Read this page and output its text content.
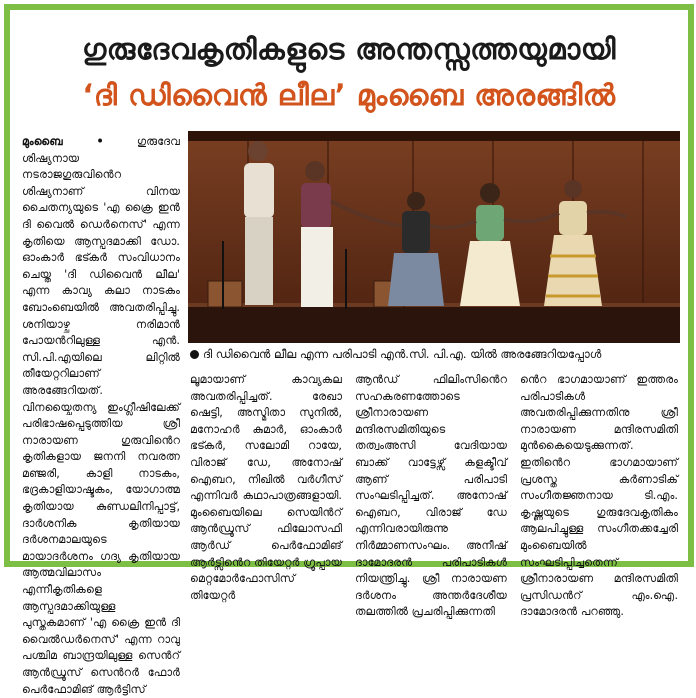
ഗുരുദേവകൃതികളുടെ അന്തസ്സത്തയുമായി
‘ദി ഡിവൈൻ ലീല’ മുംബൈ അരങ്ങിൽ
മുംബൈ •	ഗുരുദേവ ശിഷ്യനായ നടരാജഗുരുവിൻെറ ശിഷ്യനാണ് വിനയ ചൈതന്യയുടെ 'എ ക്രൈ ഇൻ ദി വൈൽ ഡെർനെസ്' എന്ന കൃതിയെ ആസ്പദമാക്കി ഡോ. ഓംകാർ ഭട്കർ സംവിധാനം ചെയ്ത 'ദി ഡിവൈൻ ലീല' എന്ന കാവ്യ കലാ നാടകം ബോംബെയിൽ അവതരിപ്പിച്ചു. ശനിയാഴ്ച നരിമാൻ പോയൻറിലുള്ള എൻ. സി.പി.എയിലെ ലിറ്റിൽ തീയേറ്ററിലാണ് അരങ്ങേറിയത്. വിനയ്ചൈതന്യ ഇംഗ്ലീഷിലേക്ക് പരിഭാഷപ്പെടുത്തിയ ശ്രീ നാരായണ ഗുരുവിൻെറ കൃതികളായ ജനനി നവരത്ന മഞ്ജരി, കാളി നാടകം, ഭദ്രകാളിയാഷ്ടകം, യോഗാത്മ കൃതിയായ കുണ്ഡലിനിപ്പാട്ട്, ദാർശനിക കൃതിയായ ദർശനമാലയുടെ മായാദർശനം ഗദ്യ കൃതിയായ ആത്മവിലാസം എന്നീകൃതികളെ ആസ്പദമാക്കിയുള്ള പുസ്തകമാണ് 'എ ക്രൈ ഇൻ ദി വൈൽഡർനെസ്' എന്ന റാവു പശ്ചിമ ബാന്ദ്രയിലുള്ള സെൻറ് ആൻഡ്രൂസ് സെൻറർ ഫോർ പെർഫോമിങ് ആർട്ടിസ്
ദി ഡിവൈൻ ലീല എന്ന പരിപാടി എൻ.സി. പി.എ. യിൽ അരങ്ങേറിയപ്പോൾ
ലൂമായാണ് കാവ്യകല അവതരിപ്പിച്ചത്. രേഖാ ഷെട്ടി, അസ്മിതാ സുനിൽ, മനോഹർ കുമാർ, ഓംകാർ ഭട്കർ, സലോമി റായേ, വിരാജ് ഡേ, അനോഷ് ഐബറ, നിഖിൽ വർഗീസ് എന്നിവർ കഥാപാത്രങ്ങളായി. മുംബൈയിലെ സെയിൻറ് ആൻഡ്രൂസ് ഫിലോസഫി ആർഡ് പെർഫോമിങ് ആർട്സിൻെറ തിയേറ്റർ ഗ്രൂപ്പായ മെറ്റമോർഫോസിസ് തിയേറ്റർ
ആൻഡ് ഫിലിംസിൻെറ സഹകരണത്തോടെ ശ്രീനാരായണ മന്ദിരസമിതിയുടെ തത്വംഅസി വേദിയായ ബാക്ക് വാട്ടേഴ്സ് കളക്ടീവ് ആണ് പരിപാടി സംഘടിപ്പിച്ചത്. അനോഷ് ഐബറ, വിരാജ് ഡേ എന്നിവരായിരുന്നു നിർമ്മാണസംഘം. അനീഷ് ദാമോദരൻ പരിപാടികൾ നിയന്ത്രിച്ചു. ശ്രീ നാരായണ ദർശനം അന്തർദേശീയ തലത്തിൽ പ്രചരിപ്പിക്കുന്നതി
ൻെറ ഭാഗമായാണ് ഇത്തരം പരിപാടികൾ അവതരിപ്പിക്കുന്നതിനു ശ്രീ നാരായണ മന്ദിരസമിതി മുൻകൈയെടുക്കുന്നത്. ഇതിൻെറ ഭാഗമായാണ് പ്രശസ്ത കർണാടിക് സംഗീതജ്ഞനായ ടി.എം. കൃഷ്ണയുടെ ഗുരുദേവകൃതികം ആലപിച്ചുള്ള സംഗീതക്കച്ചേരി മുംബൈയിൽ സംഘടിപ്പിച്ചതെന്ന് ശ്രീനാരായണ മന്ദിരസമിതി പ്രസിഡൻറ് എം.ഐ. ദാമോദരൻ പറഞ്ഞു.
